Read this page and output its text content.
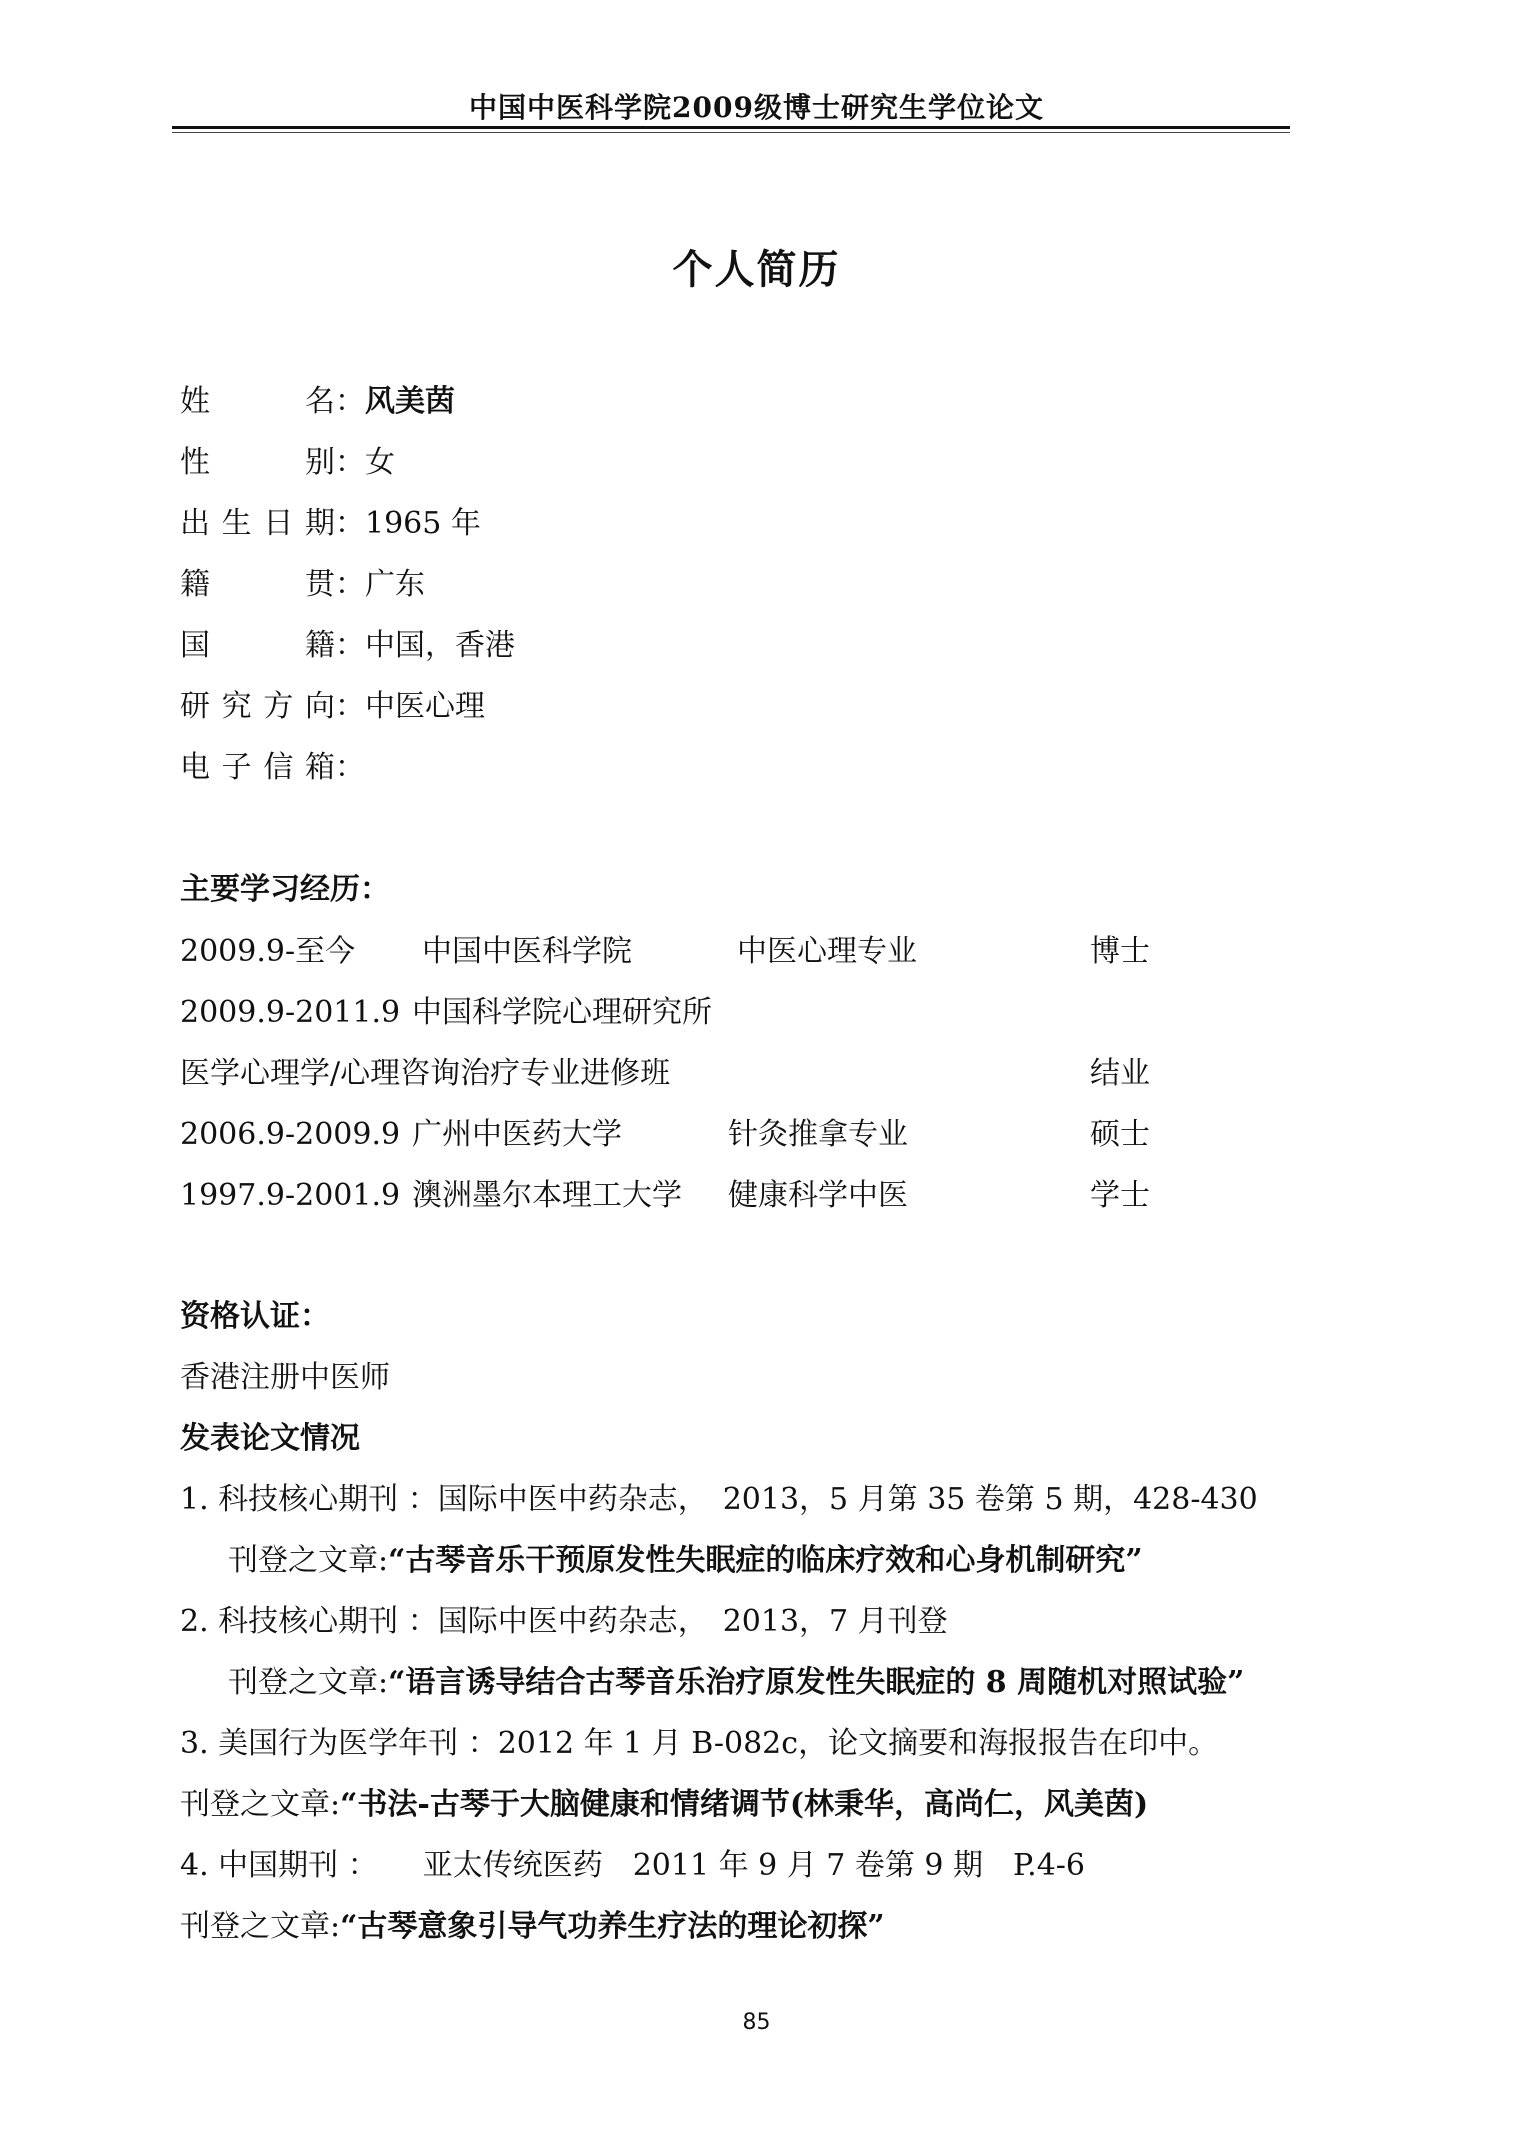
中国中医科学院2009级博士研究生学位论文
个人简历
姓　名：风美茵
性　别：女
出生日期：1965 年
籍　贯：广东
国　籍：中国，香港
研究方向：中医心理
电子信箱：
主要学习经历：
2009.9-至今 中国中医科学院	中医心理专业	博士
2009.9-2011.9 中国科学院心理研究所
医学心理学/心理咨询治疗专业进修班	结业
2006.9-2009.9 广州中医药大学	针灸推拿专业	硕士
1997.9-2001.9 澳洲墨尔本理工大学 健康科学中医	学士
资格认证：
香港注册中医师
发表论文情况
1. 科技核心期刊 ：国际中医中药杂志，　2013，5 月第 35 卷第 5 期，428-430
刊登之文章:“古琴音乐干预原发性失眠症的临床疗效和心身机制研究”
2. 科技核心期刊 ：国际中医中药杂志，　2013，7 月刊登
刊登之文章:“语言诱导结合古琴音乐治疗原发性失眠症的 8 周随机对照试验”
3. 美国行为医学年刊 ：2012 年 1 月 B-082c，论文摘要和海报报告在印中。
刊登之文章:“书法-古琴于大脑健康和情绪调节(林秉华，高尚仁，风美茵)
4. 中国期刊 ：　　亚太传统医药　2011 年 9 月 7 卷第 9 期　P.4-6
刊登之文章:“古琴意象引导气功养生疗法的理论初探”
85
